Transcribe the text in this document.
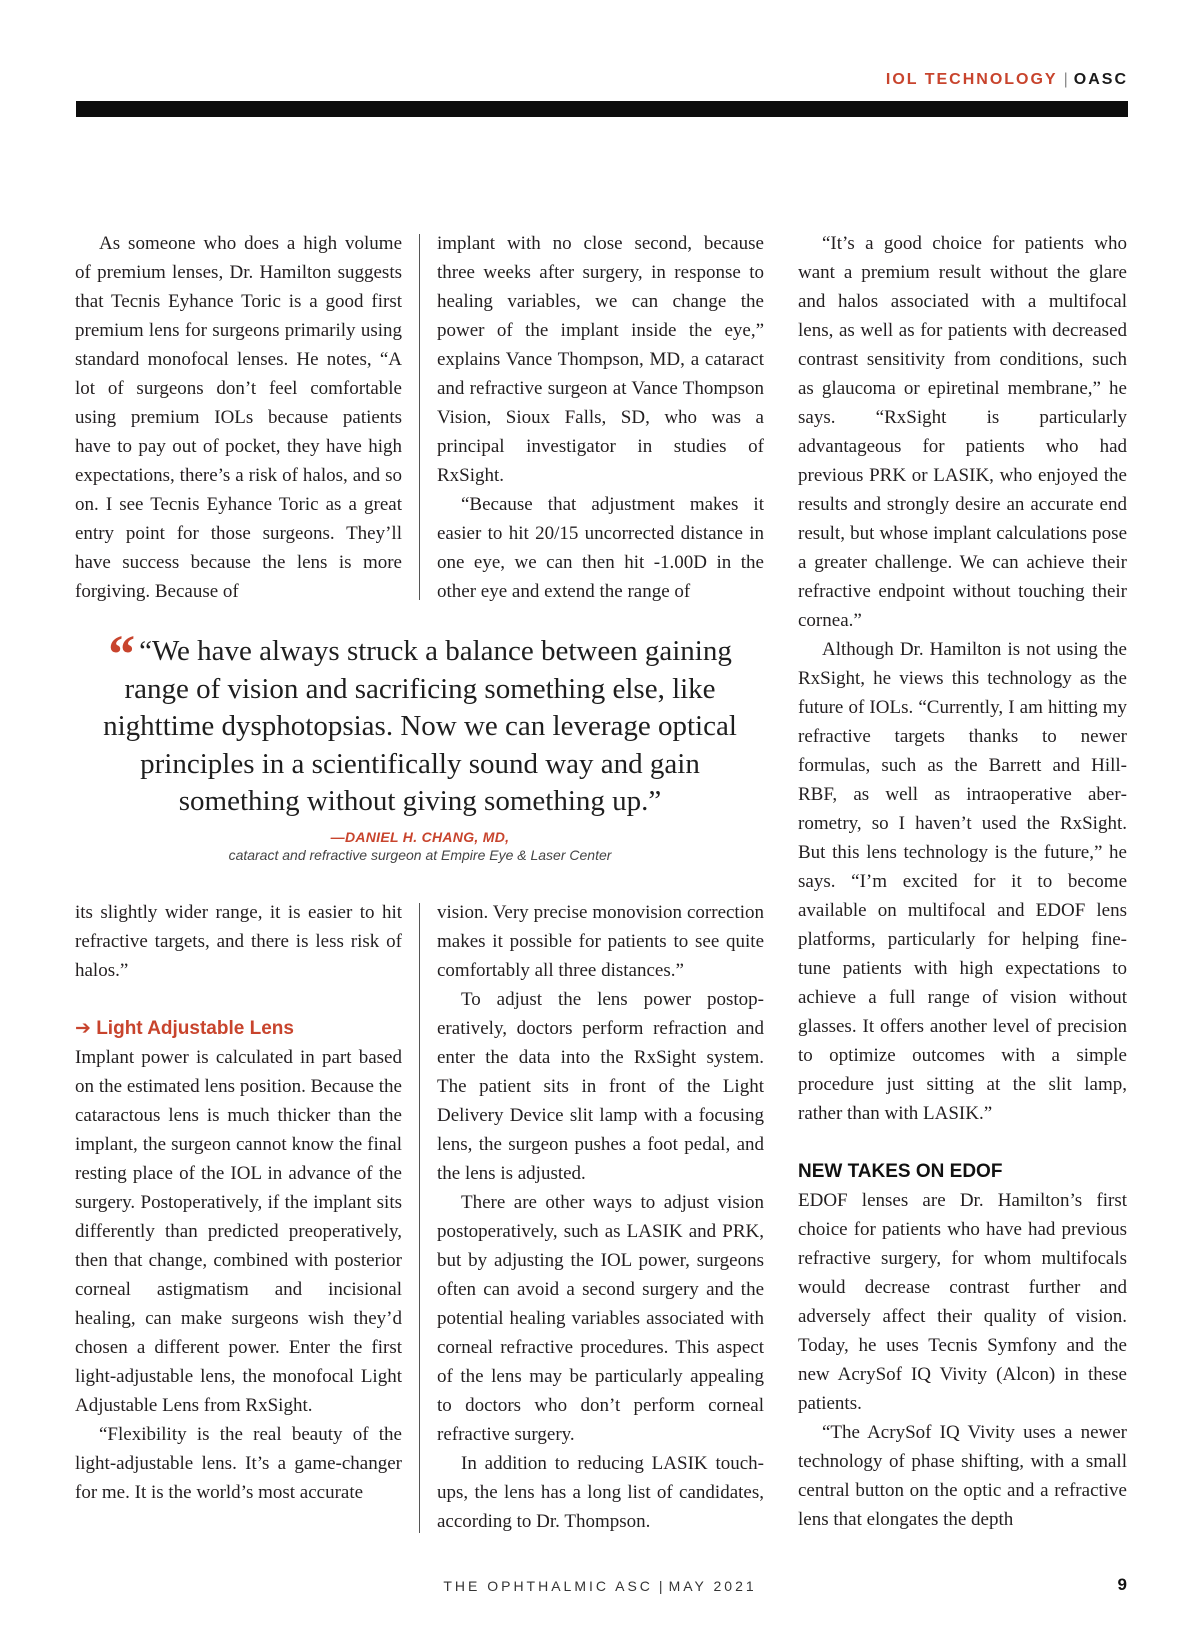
IOL TECHNOLOGY | OASC

As someone who does a high volume of premium lenses, Dr. Hamilton suggests that Tecnis Eyhance Toric is a good first premium lens for surgeons primarily using standard monofocal lenses. He notes, “A lot of surgeons don’t feel comfortable using premium IOLs because patients have to pay out of pocket, they have high expectations, there’s a risk of halos, and so on. I see Tecnis Eyhance Toric as a great entry point for those surgeons. They’ll have success because the lens is more forgiving. Because of

implant with no close second, because three weeks after surgery, in response to healing variables, we can change the power of the implant inside the eye,” explains Vance Thompson, MD, a cataract and refractive surgeon at Vance Thompson Vision, Sioux Falls, SD, who was a principal investigator in studies of RxSight.

“Because that adjustment makes it easier to hit 20/15 uncorrected distance in one eye, we can then hit -1.00D in the other eye and extend the range of

“ “We have always struck a balance between gaining range of vision and sacrificing something else, like nighttime dysphotopsias. Now we can leverage optical principles in a scientifically sound way and gain something without giving something up.”
—DANIEL H. CHANG, MD,
cataract and refractive surgeon at Empire Eye & Laser Center

its slightly wider range, it is easier to hit refractive targets, and there is less risk of halos.”

➔ Light Adjustable Lens

Implant power is calculated in part based on the estimated lens position. Because the cataractous lens is much thicker than the implant, the surgeon cannot know the final resting place of the IOL in advance of the surgery. Postoperatively, if the implant sits differently than predicted preoperatively, then that change, combined with posterior corneal astigmatism and incisional healing, can make surgeons wish they’d chosen a different power. Enter the first light-adjustable lens, the monofocal Light Adjustable Lens from RxSight.

“Flexibility is the real beauty of the light-adjustable lens. It’s a game-changer for me. It is the world’s most accurate

vision. Very precise monovision correction makes it possible for patients to see quite comfortably all three distances.”

To adjust the lens power postoperatively, doctors perform refraction and enter the data into the RxSight system. The patient sits in front of the Light Delivery Device slit lamp with a focusing lens, the surgeon pushes a foot pedal, and the lens is adjusted.

There are other ways to adjust vision postoperatively, such as LASIK and PRK, but by adjusting the IOL power, surgeons often can avoid a second surgery and the potential healing variables associated with corneal refractive procedures. This aspect of the lens may be particularly appealing to doctors who don’t perform corneal refractive surgery.

In addition to reducing LASIK touch-ups, the lens has a long list of candidates, according to Dr. Thompson.

“It’s a good choice for patients who want a premium result without the glare and halos associated with a multifocal lens, as well as for patients with decreased contrast sensitivity from conditions, such as glaucoma or epiretinal membrane,” he says. “RxSight is particularly advantageous for patients who had previous PRK or LASIK, who enjoyed the results and strongly desire an accurate end result, but whose implant calculations pose a greater challenge. We can achieve their refractive endpoint without touching their cornea.”

Although Dr. Hamilton is not using the RxSight, he views this technology as the future of IOLs. “Currently, I am hitting my refractive targets thanks to newer formulas, such as the Barrett and Hill-RBF, as well as intraoperative aberrometry, so I haven’t used the RxSight. But this lens technology is the future,” he says. “I’m excited for it to become available on multifocal and EDOF lens platforms, particularly for helping fine-tune patients with high expectations to achieve a full range of vision without glasses. It offers another level of precision to optimize outcomes with a simple procedure just sitting at the slit lamp, rather than with LASIK.”

NEW TAKES ON EDOF

EDOF lenses are Dr. Hamilton’s first choice for patients who have had previous refractive surgery, for whom multifocals would decrease contrast further and adversely affect their quality of vision. Today, he uses Tecnis Symfony and the new AcrySof IQ Vivity (Alcon) in these patients.

“The AcrySof IQ Vivity uses a newer technology of phase shifting, with a small central button on the optic and a refractive lens that elongates the depth

THE OPHTHALMIC ASC | MAY 2021	9
